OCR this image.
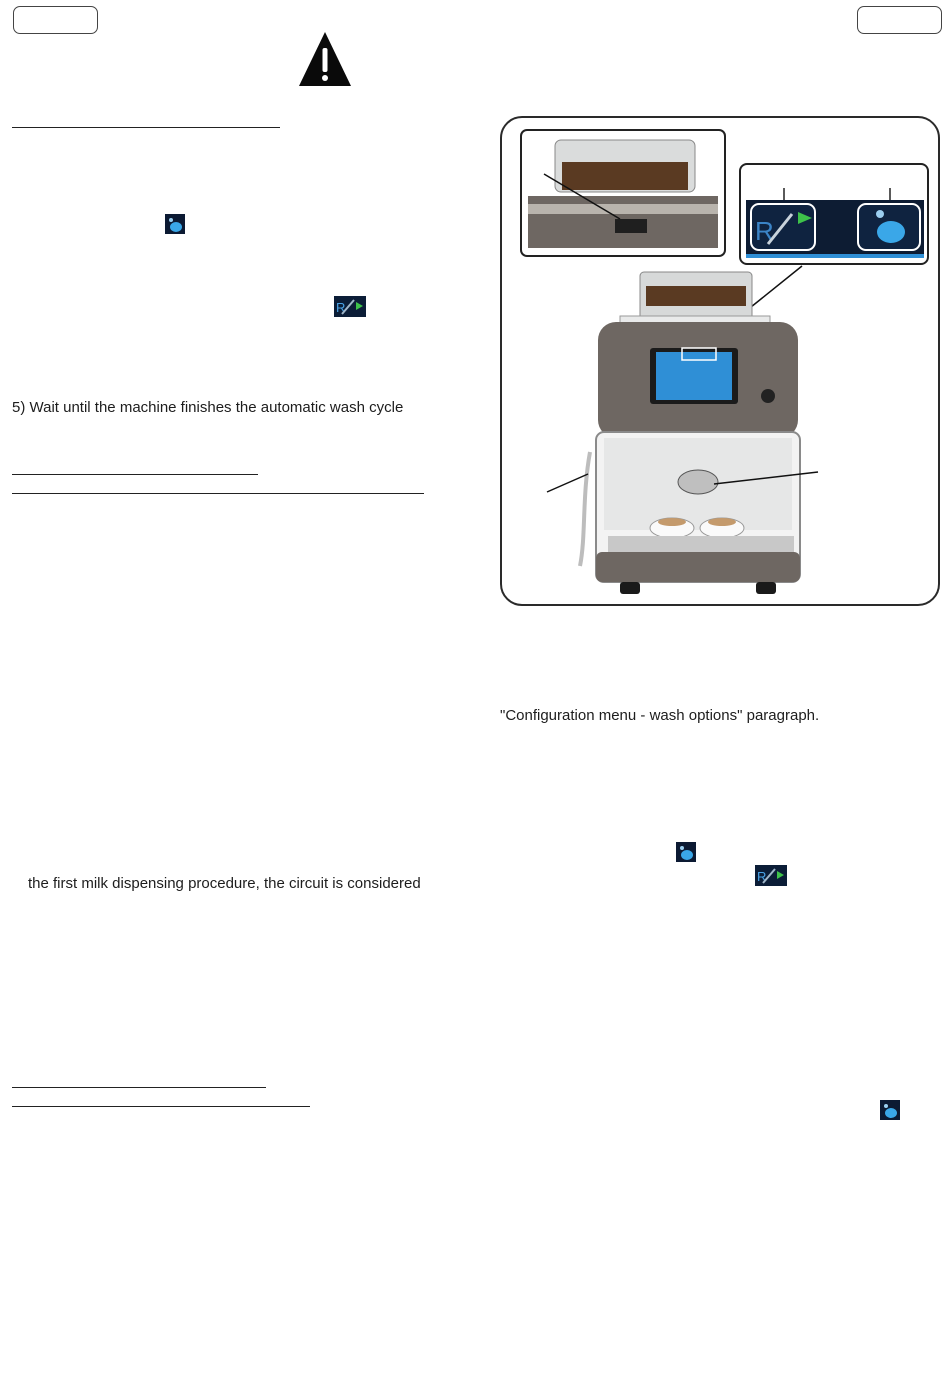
R
5) Wait until the machine finishes the automatic wash cycle
the first milk dispensing procedure, the circuit is considered
R
"Configuration menu - wash options" paragraph.
R
